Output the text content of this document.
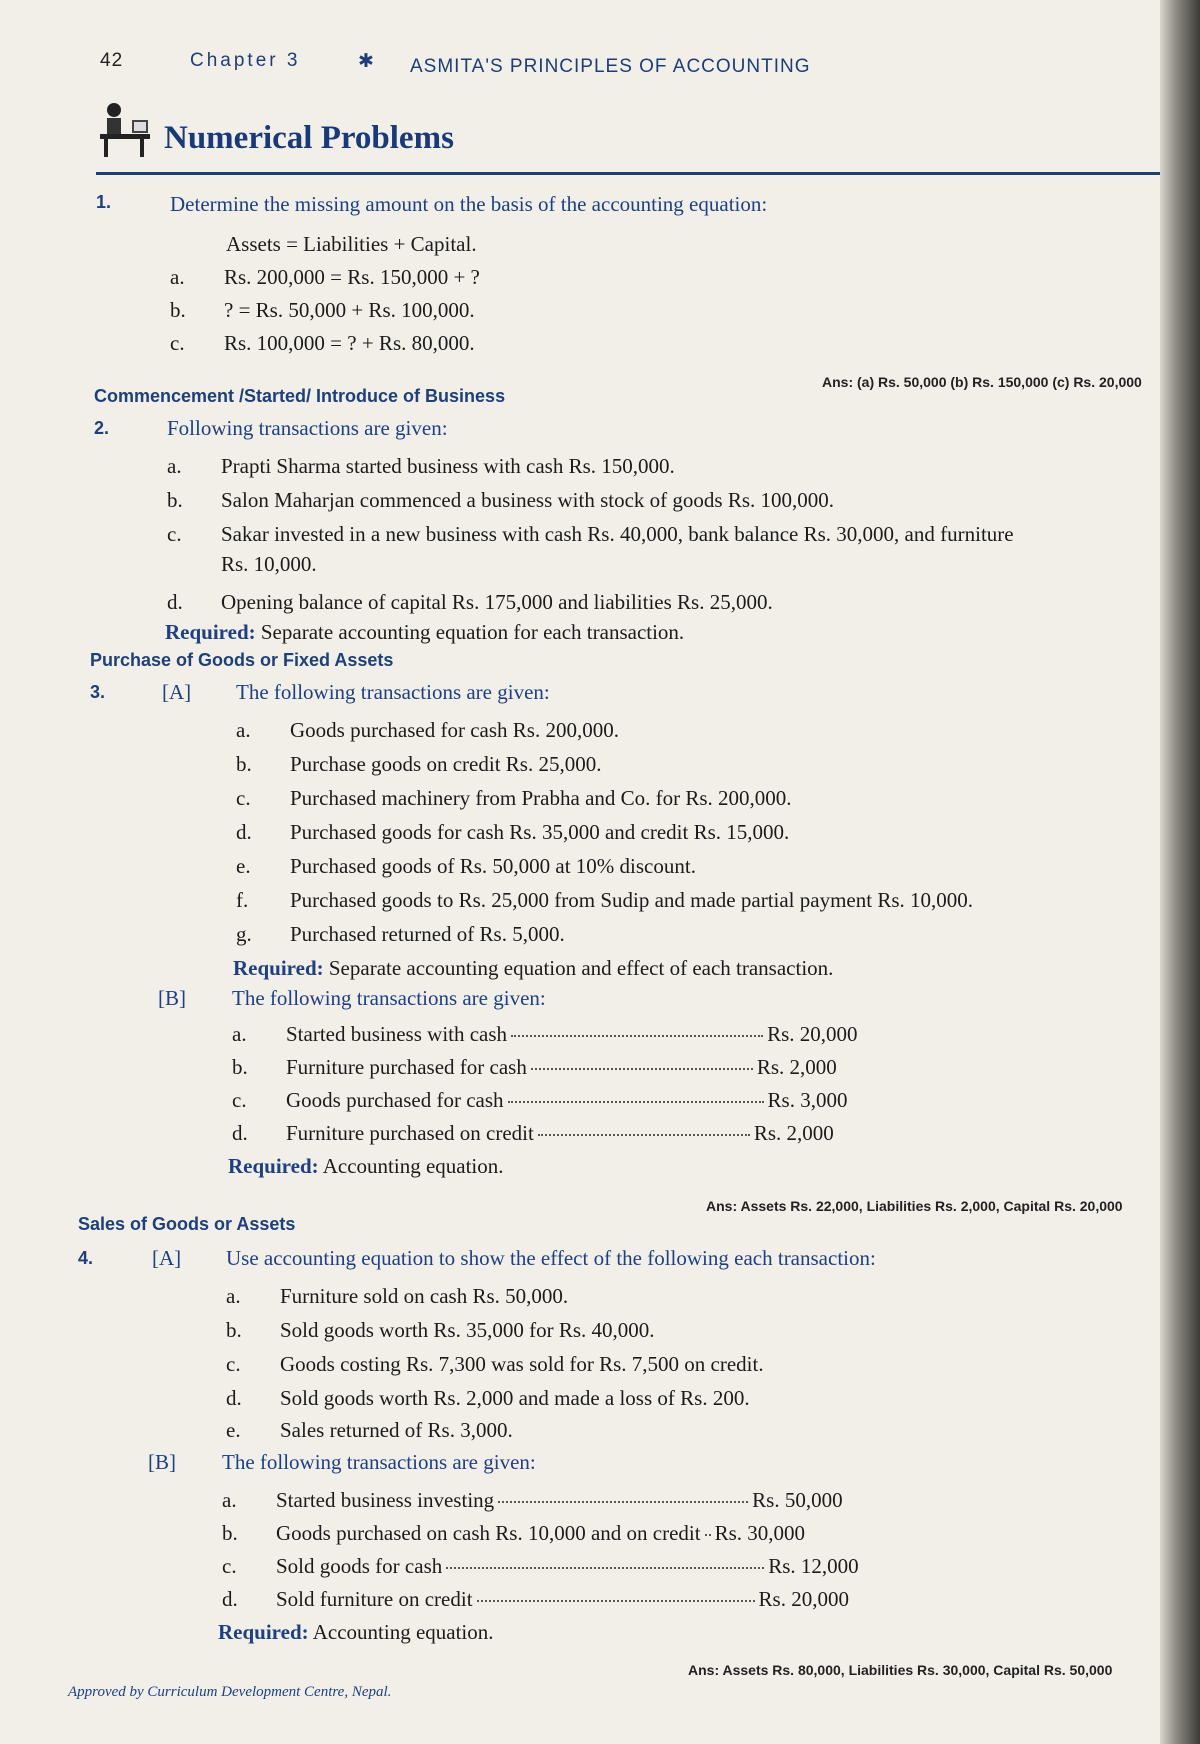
42	Chapter 3	✱ ASMITA'S PRINCIPLES OF ACCOUNTING
Numerical Problems
1.	Determine the missing amount on the basis of the accounting equation:
Assets = Liabilities + Capital.
a. Rs. 200,000 = Rs. 150,000 + ?
b. ? = Rs. 50,000 + Rs. 100,000.
c. Rs. 100,000 = ? + Rs. 80,000.
Ans: (a) Rs. 50,000 (b) Rs. 150,000 (c) Rs. 20,000
Commencement /Started/ Introduce of Business
2.	Following transactions are given:
a. Prapti Sharma started business with cash Rs. 150,000.
b. Salon Maharjan commenced a business with stock of goods Rs. 100,000.
c. Sakar invested in a new business with cash Rs. 40,000, bank balance Rs. 30,000, and furniture
Rs. 10,000.
d. Opening balance of capital Rs. 175,000 and liabilities Rs. 25,000.
Required: Separate accounting equation for each transaction.
Purchase of Goods or Fixed Assets
3.	[A] The following transactions are given:
a. Goods purchased for cash Rs. 200,000.
b. Purchase goods on credit Rs. 25,000.
c. Purchased machinery from Prabha and Co. for Rs. 200,000.
d. Purchased goods for cash Rs. 35,000 and credit Rs. 15,000.
e. Purchased goods of Rs. 50,000 at 10% discount.
f. Purchased goods to Rs. 25,000 from Sudip and made partial payment Rs. 10,000.
g. Purchased returned of Rs. 5,000.
Required: Separate accounting equation and effect of each transaction.
[B] The following transactions are given:
a. Started business with cash	Rs. 20,000
b. Furniture purchased for cash	Rs. 2,000
c. Goods purchased for cash	Rs. 3,000
d. Furniture purchased on credit	Rs. 2,000
Required: Accounting equation.
Ans: Assets Rs. 22,000, Liabilities Rs. 2,000, Capital Rs. 20,000
Sales of Goods or Assets
4.	[A] Use accounting equation to show the effect of the following each transaction:
a. Furniture sold on cash Rs. 50,000.
b. Sold goods worth Rs. 35,000 for Rs. 40,000.
c. Goods costing Rs. 7,300 was sold for Rs. 7,500 on credit.
d. Sold goods worth Rs. 2,000 and made a loss of Rs. 200.
e. Sales returned of Rs. 3,000.
[B] The following transactions are given:
a. Started business investing	Rs. 50,000
b. Goods purchased on cash Rs. 10,000 and on credit Rs. 30,000
c. Sold goods for cash	Rs. 12,000
d. Sold furniture on credit	Rs. 20,000
Required: Accounting equation.
Ans: Assets Rs. 80,000, Liabilities Rs. 30,000, Capital Rs. 50,000
Approved by Curriculum Development Centre, Nepal.
